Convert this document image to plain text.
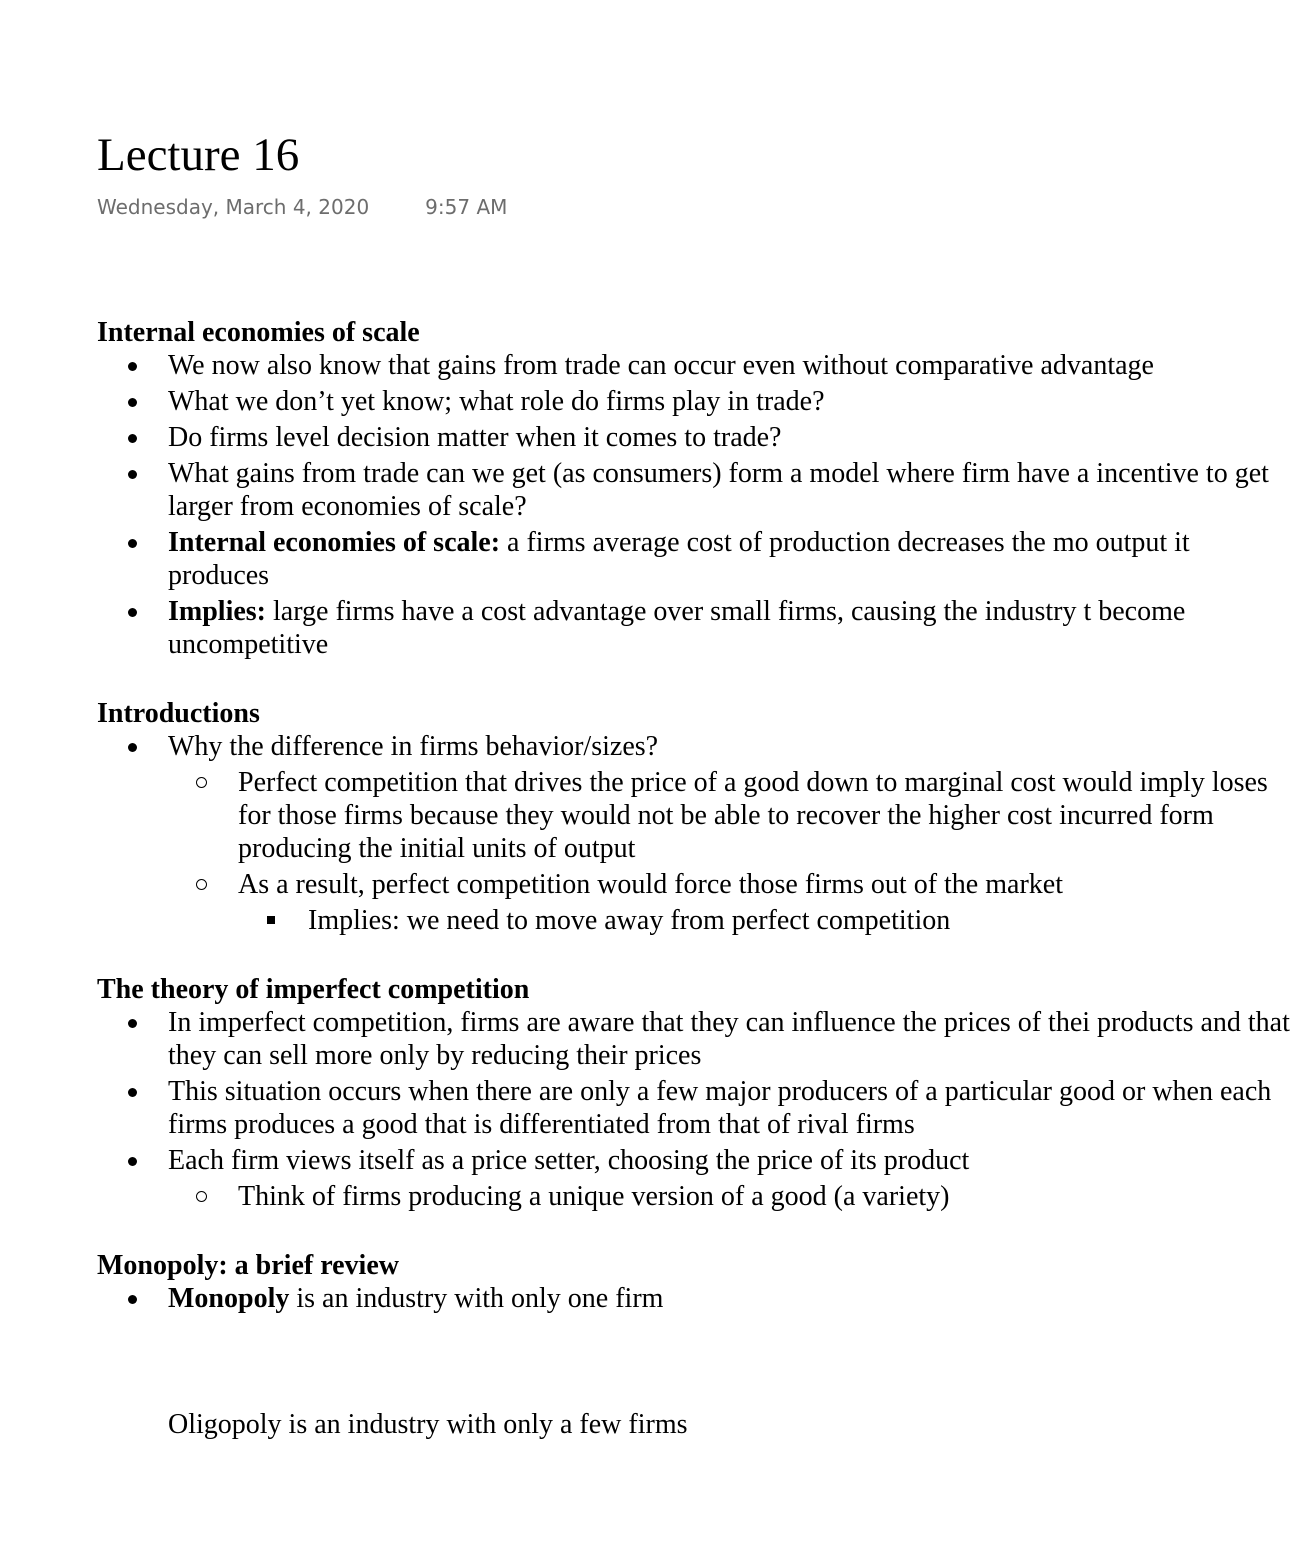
Lecture 16
Wednesday, March 4, 2020	9:57 AM
Internal economies of scale
We now also know that gains from trade can occur even without comparative advantage
What we don’t yet know; what role do firms play in trade?
Do firms level decision matter when it comes to trade?
What gains from trade can we get (as consumers) form a model where firm have a incentive to get larger from economies of scale?
Internal economies of scale: a firms average cost of production decreases the mo output it produces
Implies: large firms have a cost advantage over small firms, causing the industry t become uncompetitive
Introductions
Why the difference in firms behavior/sizes?
Perfect competition that drives the price of a good down to marginal cost would imply loses for those firms because they would not be able to recover the higher cost incurred form producing the initial units of output
As a result, perfect competition would force those firms out of the market
Implies: we need to move away from perfect competition
The theory of imperfect competition
In imperfect competition, firms are aware that they can influence the prices of thei products and that they can sell more only by reducing their prices
This situation occurs when there are only a few major producers of a particular good or when each firms produces a good that is differentiated from that of rival firms
Each firm views itself as a price setter, choosing the price of its product
Think of firms producing a unique version of a good (a variety)
Monopoly: a brief review
Monopoly is an industry with only one firm
Oligopoly is an industry with only a few firms
